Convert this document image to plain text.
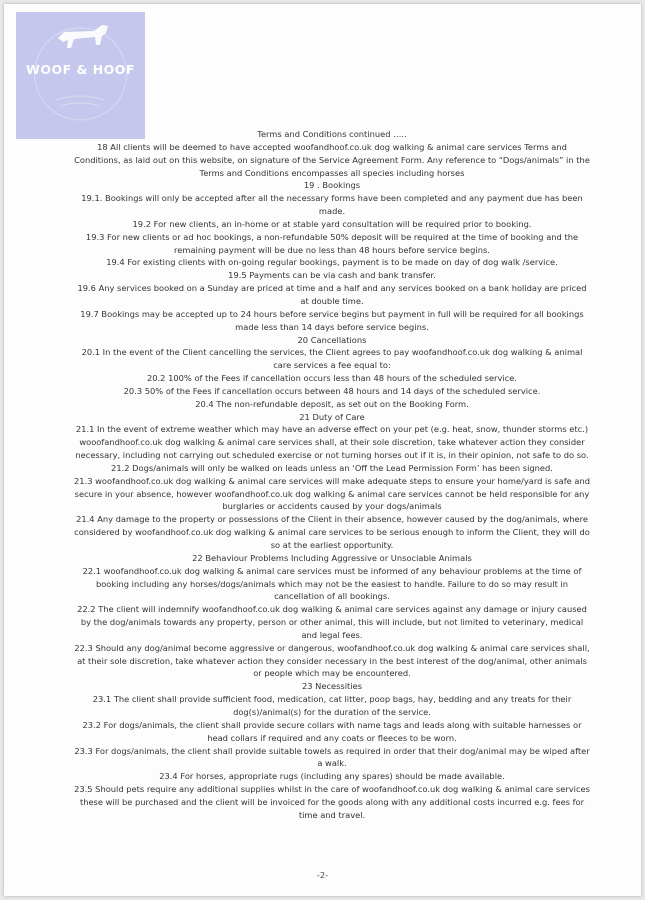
WOOF & HOOF

Terms and Conditions continued …..

18 All clients will be deemed to have accepted woofandhoof.co.uk dog walking & animal care services Terms and Conditions, as laid out on this website, on signature of the Service Agreement Form. Any reference to “Dogs/animals” in the Terms and Conditions encompasses all species including horses

19 . Bookings

19.1. Bookings will only be accepted after all the necessary forms have been completed and any payment due has been made.

19.2 For new clients, an in-home or at stable yard consultation will be required prior to booking.

19.3 For new clients or ad hoc bookings, a non-refundable 50% deposit will be required at the time of booking and the remaining payment will be due no less than 48 hours before service begins.

19.4 For existing clients with on-going regular bookings, payment is to be made on day of dog walk /service.

19.5 Payments can be via cash and bank transfer.

19.6 Any services booked on a Sunday are priced at time and a half and any services booked on a bank holiday are priced at double time.

19.7 Bookings may be accepted up to 24 hours before service begins but payment in full will be required for all bookings made less than 14 days before service begins.

20 Cancellations

20.1 In the event of the Client cancelling the services, the Client agrees to pay woofandhoof.co.uk dog walking & animal care services a fee equal to:

20.2 100% of the Fees if cancellation occurs less than 48 hours of the scheduled service.

20.3 50% of the Fees if cancellation occurs between 48 hours and 14 days of the scheduled service.

20.4 The non-refundable deposit, as set out on the Booking Form.

21 Duty of Care

21.1 In the event of extreme weather which may have an adverse effect on your pet (e.g. heat, snow, thunder storms etc.) wooofandhoof.co.uk dog walking & animal care services shall, at their sole discretion, take whatever action they consider necessary, including not carrying out scheduled exercise or not turning horses out if it is, in their opinion, not safe to do so.

21.2 Dogs/animals will only be walked on leads unless an ‘Off the Lead Permission Form’ has been signed.

21.3 woofandhoof.co.uk dog walking & animal care services will make adequate steps to ensure your home/yard is safe and secure in your absence, however woofandhoof.co.uk dog walking & animal care services cannot be held responsible for any burglaries or accidents caused by your dogs/animals

21.4 Any damage to the property or possessions of the Client in their absence, however caused by the dog/animals, where considered by woofandhoof.co.uk dog walking & animal care services to be serious enough to inform the Client, they will do so at the earliest opportunity.

22 Behaviour Problems Including Aggressive or Unsociable Animals

22.1 woofandhoof.co.uk dog walking & animal care services must be informed of any behaviour problems at the time of booking including any horses/dogs/animals which may not be the easiest to handle. Failure to do so may result in cancellation of all bookings.

22.2 The client will indemnify woofandhoof.co.uk dog walking & animal care services against any damage or injury caused by the dog/animals towards any property, person or other animal, this will include, but not limited to veterinary, medical and legal fees.

22.3 Should any dog/animal become aggressive or dangerous, woofandhoof.co.uk dog walking & animal care services shall, at their sole discretion, take whatever action they consider necessary in the best interest of the dog/animal, other animals or people which may be encountered.

23 Necessities

23.1 The client shall provide sufficient food, medication, cat litter, poop bags, hay, bedding and any treats for their dog(s)/animal(s) for the duration of the service.

23.2 For dogs/animals, the client shall provide secure collars with name tags and leads along with suitable harnesses or head collars if required and any coats or fleeces to be worn.

23.3 For dogs/animals, the client shall provide suitable towels as required in order that their dog/animal may be wiped after a walk.

23.4 For horses, appropriate rugs (including any spares) should be made available.

23.5 Should pets require any additional supplies whilst in the care of woofandhoof.co.uk dog walking & animal care services these will be purchased and the client will be invoiced for the goods along with any additional costs incurred e.g. fees for time and travel.

-2-
